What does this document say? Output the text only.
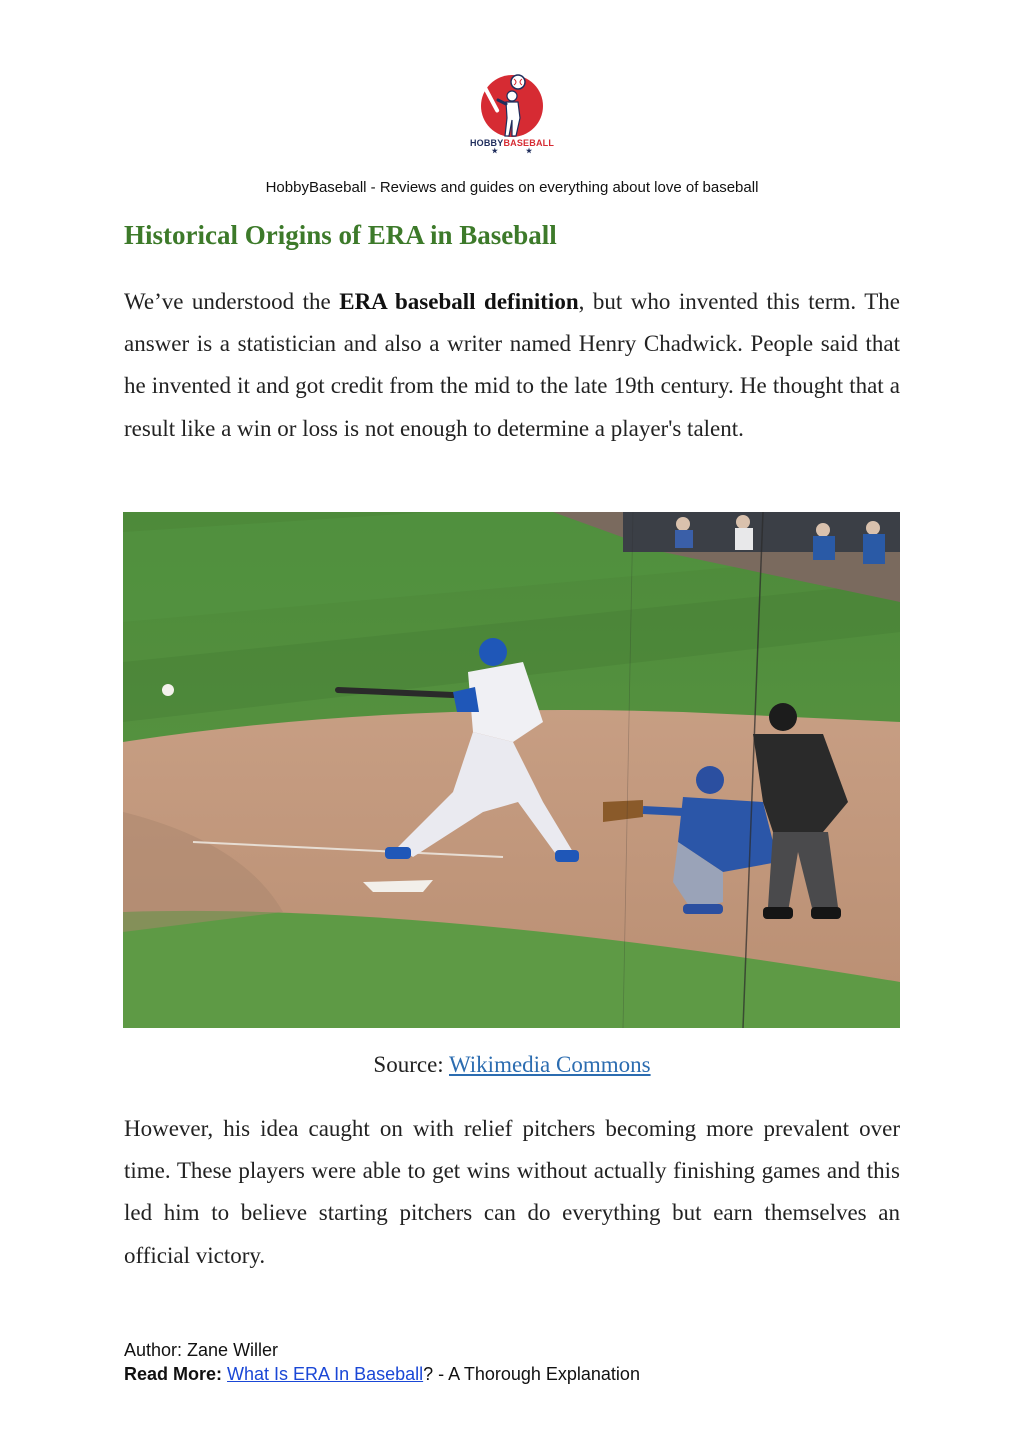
HOBBYBASEBALL
★             ★
HobbyBaseball - Reviews and guides on everything about love of baseball
Historical Origins of ERA in Baseball

We’ve understood the ERA baseball definition, but who invented this term. The answer is a statistician and also a writer named Henry Chadwick. People said that he invented it and got credit from the mid to the late 19th century. He thought that a result like a win or loss is not enough to determine a player's talent.

Source: Wikimedia Commons

However, his idea caught on with relief pitchers becoming more prevalent over time. These players were able to get wins without actually finishing games and this led him to believe starting pitchers can do everything but earn themselves an official victory.

Author: Zane Willer
Read More: What Is ERA In Baseball? - A Thorough Explanation
